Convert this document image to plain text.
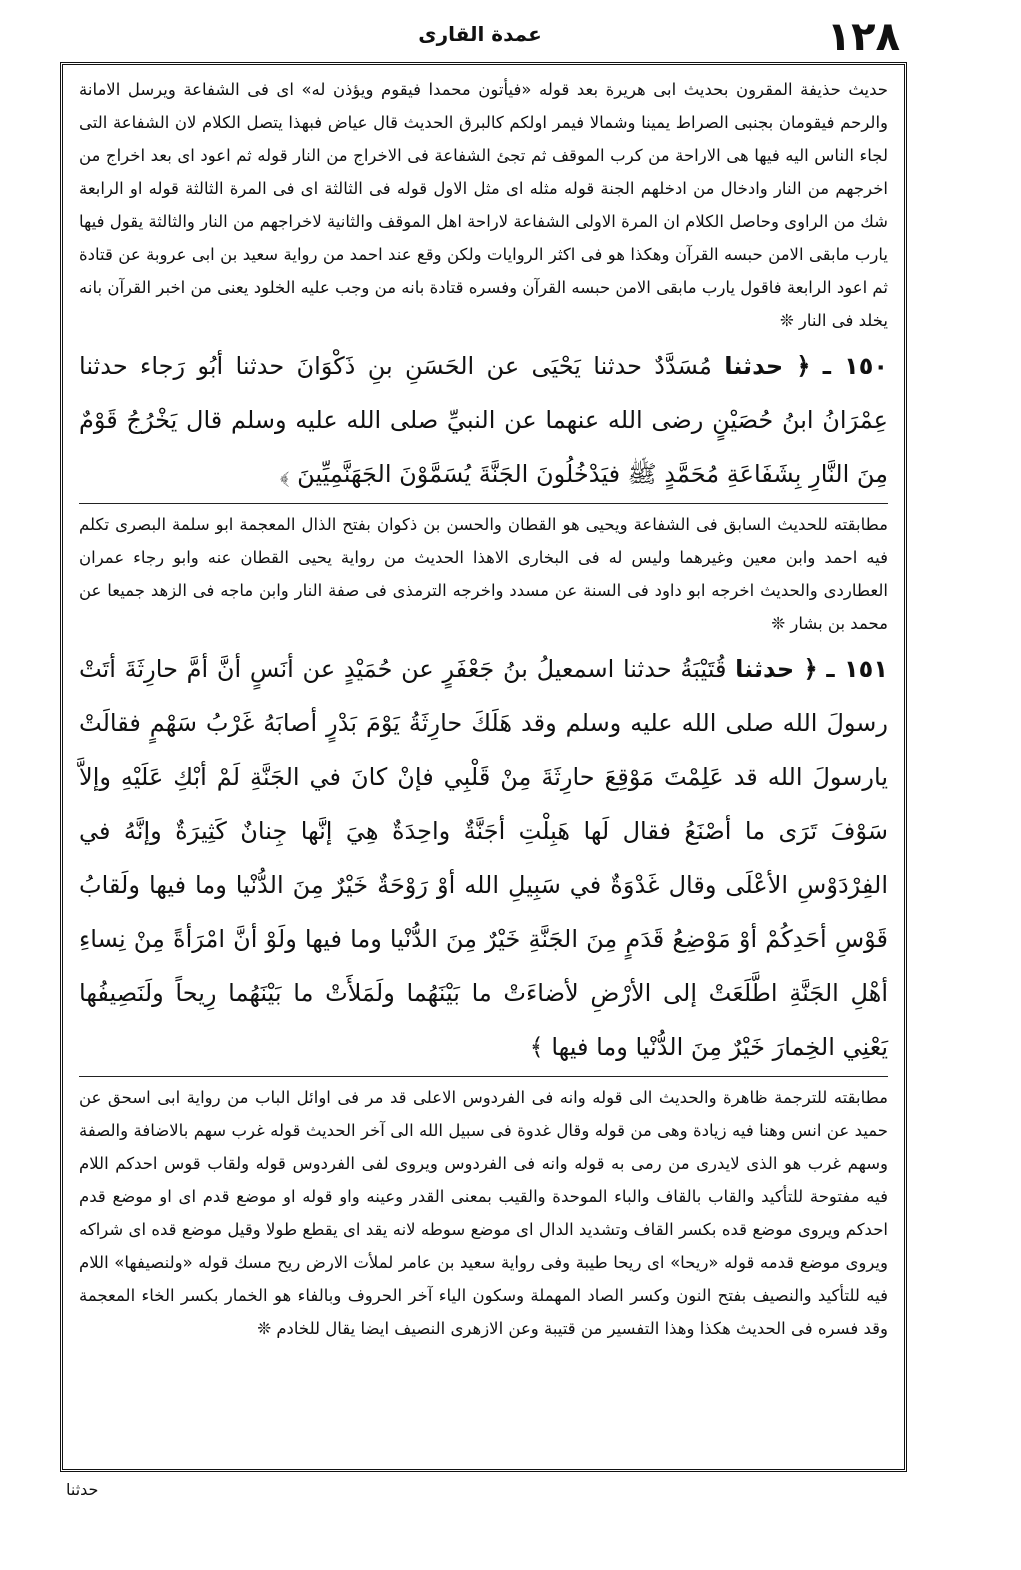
عمدة القارى	١٢٨

حديث حذيفة المقرون بحديث ابى هريرة بعد قوله «فيأتون محمدا فيقوم ويؤذن له» اى فى الشفاعة ويرسل الامانة والرحم فيقومان بجنبى الصراط يمينا وشمالا فيمر اولكم كالبرق الحديث قال عياض فبهذا يتصل الكلام لان الشفاعة التى لجاء الناس اليه فيها هى الاراحة من كرب الموقف ثم تجئ الشفاعة فى الاخراج من النار قوله ثم اعود اى بعد اخراج من اخرجهم من النار وادخال من ادخلهم الجنة قوله مثله اى مثل الاول قوله فى الثالثة اى فى المرة الثالثة قوله او الرابعة شك من الراوى وحاصل الكلام ان المرة الاولى الشفاعة لاراحة اهل الموقف والثانية لاخراجهم من النار والثالثة يقول فيها يارب مابقى الامن حبسه القرآن وهكذا هو فى اكثر الروايات ولكن وقع عند احمد من رواية سعيد بن ابى عروبة عن قتادة ثم اعود الرابعة فاقول يارب مابقى الامن حبسه القرآن وفسره قتادة بانه من وجب عليه الخلود يعنى من اخبر القرآن بانه يخلد فى النار ❊

١٥٠ ـ ﴿ حدثنا مُسَدَّدٌ حدثنا يَحْيَى عن الحَسَنِ بنِ ذَكْوَانَ حدثنا أبُو رَجاء حدثنا عِمْرَانُ ابنُ حُصَيْنٍ رضى الله عنهما عن النبيِّ صلى الله عليه وسلم قال يَخْرُجُ قَوْمٌ مِنَ النَّارِ بِشَفَاعَةِ مُحَمَّدٍ ﷺ فيَدْخُلُونَ الجَنَّةَ يُسَمَّوْنَ الجَهَنَّمِيِّينَ ﴾

مطابقته للحديث السابق فى الشفاعة ويحيى هو القطان والحسن بن ذكوان بفتح الذال المعجمة ابو سلمة البصرى تكلم فيه احمد وابن معين وغيرهما وليس له فى البخارى الاهذا الحديث من رواية يحيى القطان عنه وابو رجاء عمران العطاردى والحديث اخرجه ابو داود فى السنة عن مسدد واخرجه الترمذى فى صفة النار وابن ماجه فى الزهد جميعا عن محمد بن بشار ❊

١٥١ ـ ﴿ حدثنا قُتَيْبَةُ حدثنا اسمعيلُ بنُ جَعْفَرٍ عن حُمَيْدٍ عن أنَسٍ أنَّ أمَّ حارِثَةَ أتَتْ رسولَ الله صلى الله عليه وسلم وقد هَلَكَ حارِثَةُ يَوْمَ بَدْرٍ أصابَهُ غَرْبُ سَهْمٍ فقالَتْ يارسولَ الله قد عَلِمْتَ مَوْقِعَ حارِثَةَ مِنْ قَلْبِي فإنْ كانَ في الجَنَّةِ لَمْ أبْكِ عَلَيْهِ وإلاَّ سَوْفَ تَرَى ما أصْنَعُ فقال لَها هَبِلْتِ أجَنَّةٌ واحِدَةٌ هِيَ إنَّها جِنانٌ كَثِيرَةٌ وإنَّهُ في الفِرْدَوْسِ الأعْلَى وقال غَدْوَةٌ في سَبِيلِ الله أوْ رَوْحَةٌ خَيْرٌ مِنَ الدُّنْيا وما فيها ولَقابُ قَوْسِ أحَدِكُمْ أوْ مَوْضِعُ قَدَمٍ مِنَ الجَنَّةِ خَيْرٌ مِنَ الدُّنْيا وما فيها ولَوْ أنَّ امْرَأةً مِنْ نِساءِ أهْلِ الجَنَّةِ اطَّلَعَتْ إلى الأرْضِ لأضاءَتْ ما بَيْنَهُما ولَمَلأَتْ ما بَيْنَهُما رِيحاً ولَنَصِيفُها يَعْنِي الخِمارَ خَيْرٌ مِنَ الدُّنْيا وما فيها ﴾

مطابقته للترجمة ظاهرة والحديث الى قوله وانه فى الفردوس الاعلى قد مر فى اوائل الباب من رواية ابى اسحق عن حميد عن انس وهنا فيه زيادة وهى من قوله وقال غدوة فى سبيل الله الى آخر الحديث قوله غرب سهم بالاضافة والصفة وسهم غرب هو الذى لايدرى من رمى به قوله وانه فى الفردوس ويروى لفى الفردوس قوله ولقاب قوس احدكم اللام فيه مفتوحة للتأكيد والقاب بالقاف والباء الموحدة والقيب بمعنى القدر وعينه واو قوله او موضع قدم اى او موضع قدم احدكم ويروى موضع قده بكسر القاف وتشديد الدال اى موضع سوطه لانه يقد اى يقطع طولا وقيل موضع قده اى شراكه ويروى موضع قدمه قوله «ريحا» اى ريحا طيبة وفى رواية سعيد بن عامر لملأت الارض ريح مسك قوله «ولنصيفها» اللام فيه للتأكيد والنصيف بفتح النون وكسر الصاد المهملة وسكون الياء آخر الحروف وبالفاء هو الخمار بكسر الخاء المعجمة وقد فسره فى الحديث هكذا وهذا التفسير من قتيبة وعن الازهرى النصيف ايضا يقال للخادم ❊

حدثنا
